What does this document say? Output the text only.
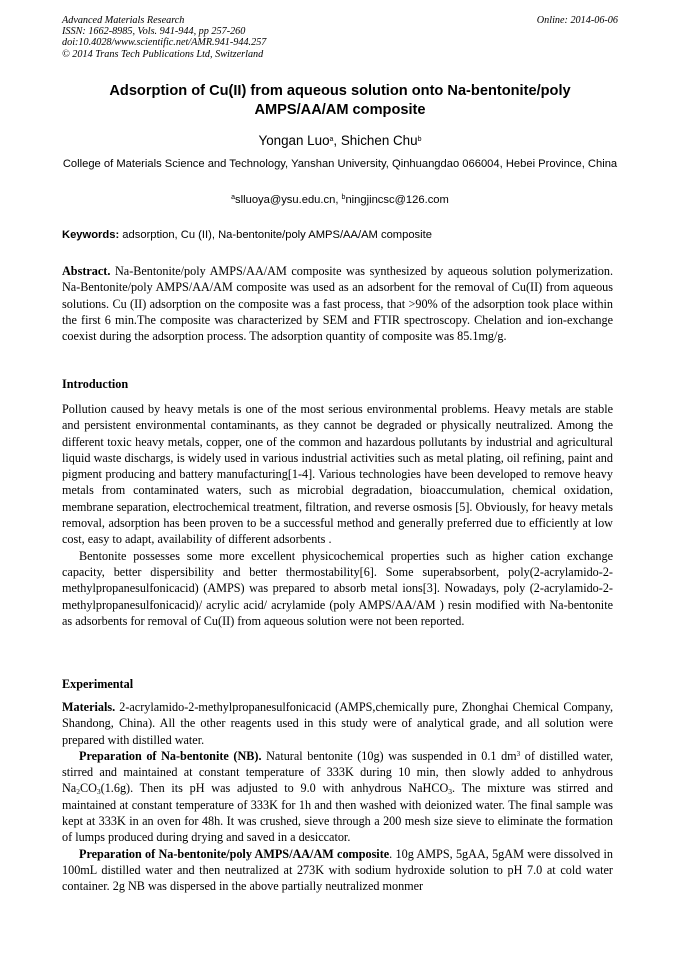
Advanced Materials Research
ISSN: 1662-8985, Vols. 941-944, pp 257-260
doi:10.4028/www.scientific.net/AMR.941-944.257
© 2014 Trans Tech Publications Ltd, Switzerland
Online: 2014-06-06
Adsorption of Cu(II) from aqueous solution onto Na-bentonite/poly AMPS/AA/AM composite
Yongan Luo$^a$, Shichen Chu$^b$
College of Materials Science and Technology, Yanshan University, Qinhuangdao 066004, Hebei Province, China
$^a$slluoya@ysu.edu.cn, $^b$ningjincsc@126.com
Keywords: adsorption, Cu (II), Na-bentonite/poly AMPS/AA/AM composite

Abstract. Na-Bentonite/poly AMPS/AA/AM composite was synthesized by aqueous solution polymerization. Na-Bentonite/poly AMPS/AA/AM composite was used as an adsorbent for the removal of Cu(II) from aqueous solutions. Cu (II) adsorption on the composite was a fast process, that >90% of the adsorption took place within the first 6 min.The composite was characterized by SEM and FTIR spectroscopy. Chelation and ion-exchange coexist during the adsorption process. The adsorption quantity of composite was 85.1mg/g.

Introduction

Pollution caused by heavy metals is one of the most serious environmental problems. Heavy metals are stable and persistent environmental contaminants, as they cannot be degraded or physically neutralized. Among the different toxic heavy metals, copper, one of the common and hazardous pollutants by industrial and agricultural liquid waste dischargs, is widely used in various industrial activities such as metal plating, oil refining, paint and pigment producing and battery manufacturing[1-4]. Various technologies have been developed to remove heavy metals from contaminated waters, such as microbial degradation, bioaccumulation, chemical oxidation, membrane separation, electrochemical treatment, filtration, and reverse osmosis [5]. Obviously, for heavy metals removal, adsorption has been proven to be a successful method and generally preferred due to efficiently at low cost, easy to adapt, availability of different adsorbents .

Bentonite possesses some more excellent physicochemical properties such as higher cation exchange capacity, better dispersibility and better thermostability[6]. Some superabsorbent, poly(2-acrylamido-2-methylpropanesulfonicacid) (AMPS) was prepared to absorb metal ions[3]. Nowadays, poly (2-acrylamido-2-methylpropanesulfonicacid)/ acrylic acid/ acrylamide (poly AMPS/AA/AM ) resin modified with Na-bentonite as adsorbents for removal of Cu(II) from aqueous solution were not been reported.

Experimental

Materials. 2-acrylamido-2-methylpropanesulfonicacid (AMPS,chemically pure, Zhonghai Chemical Company, Shandong, China). All the other reagents used in this study were of analytical grade, and all solution were prepared with distilled water.

Preparation of Na-bentonite (NB). Natural bentonite (10g) was suspended in 0.1 $dm^3$ of distilled water, stirred and maintained at constant temperature of 333K during 10 min, then slowly added to anhydrous $Na_2CO_3(1.6g)$. Then its pH was adjusted to 9.0 with anhydrous NaHCO$_3$. The mixture was stirred and maintained at constant temperature of 333K for 1h and then washed with deionized water. The final sample was kept at 333K in an oven for 48h. It was crushed, sieve through a 200 mesh size sieve to eliminate the formation of lumps produced during drying and saved in a desiccator.

Preparation of Na-bentonite/poly AMPS/AA/AM composite. 10g AMPS, 5gAA, 5gAM were dissolved in 100mL distilled water and then neutralized at 273K with sodium hydroxide solution to pH 7.0 at cold water container. 2g NB was dispersed in the above partially neutralized monmer
